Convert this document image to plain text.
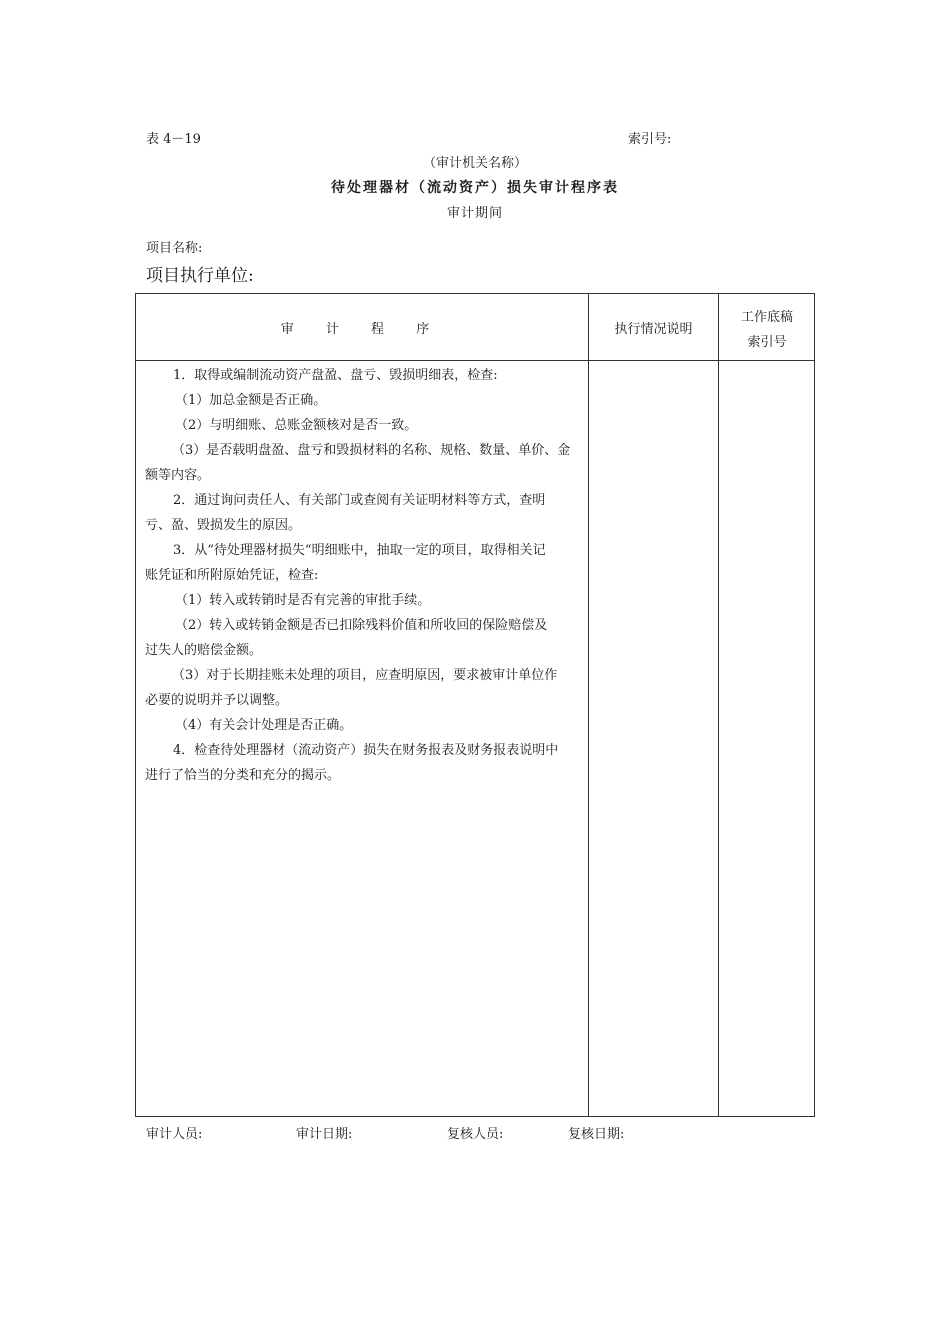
表 4－19	索引号:
（审计机关名称）
待处理器材（流动资产）损失审计程序表
审计期间
项目名称:
项目执行单位:
审 计 程 序	执行情况说明
工作底稿
索引号
1．取得或编制流动资产盘盈、盘亏、毁损明细表，检查:
（1）加总金额是否正确。
（2）与明细账、总账金额核对是否一致。
（3）是否载明盘盈、盘亏和毁损材料的名称、规格、数量、单价、金
额等内容。
2．通过询问责任人、有关部门或查阅有关证明材料等方式，查明
亏、盈、毁损发生的原因。
3．从“待处理器材损失“明细账中，抽取一定的项目，取得相关记
账凭证和所附原始凭证，检查:
（1）转入或转销时是否有完善的审批手续。
（2）转入或转销金额是否已扣除残料价值和所收回的保险赔偿及
过失人的赔偿金额。
（3）对于长期挂账未处理的项目，应查明原因，要求被审计单位作
必要的说明并予以调整。
（4）有关会计处理是否正确。
4．检查待处理器材（流动资产）损失在财务报表及财务报表说明中
进行了恰当的分类和充分的揭示。
审计人员:	审计日期:	复核人员:	复核日期:
